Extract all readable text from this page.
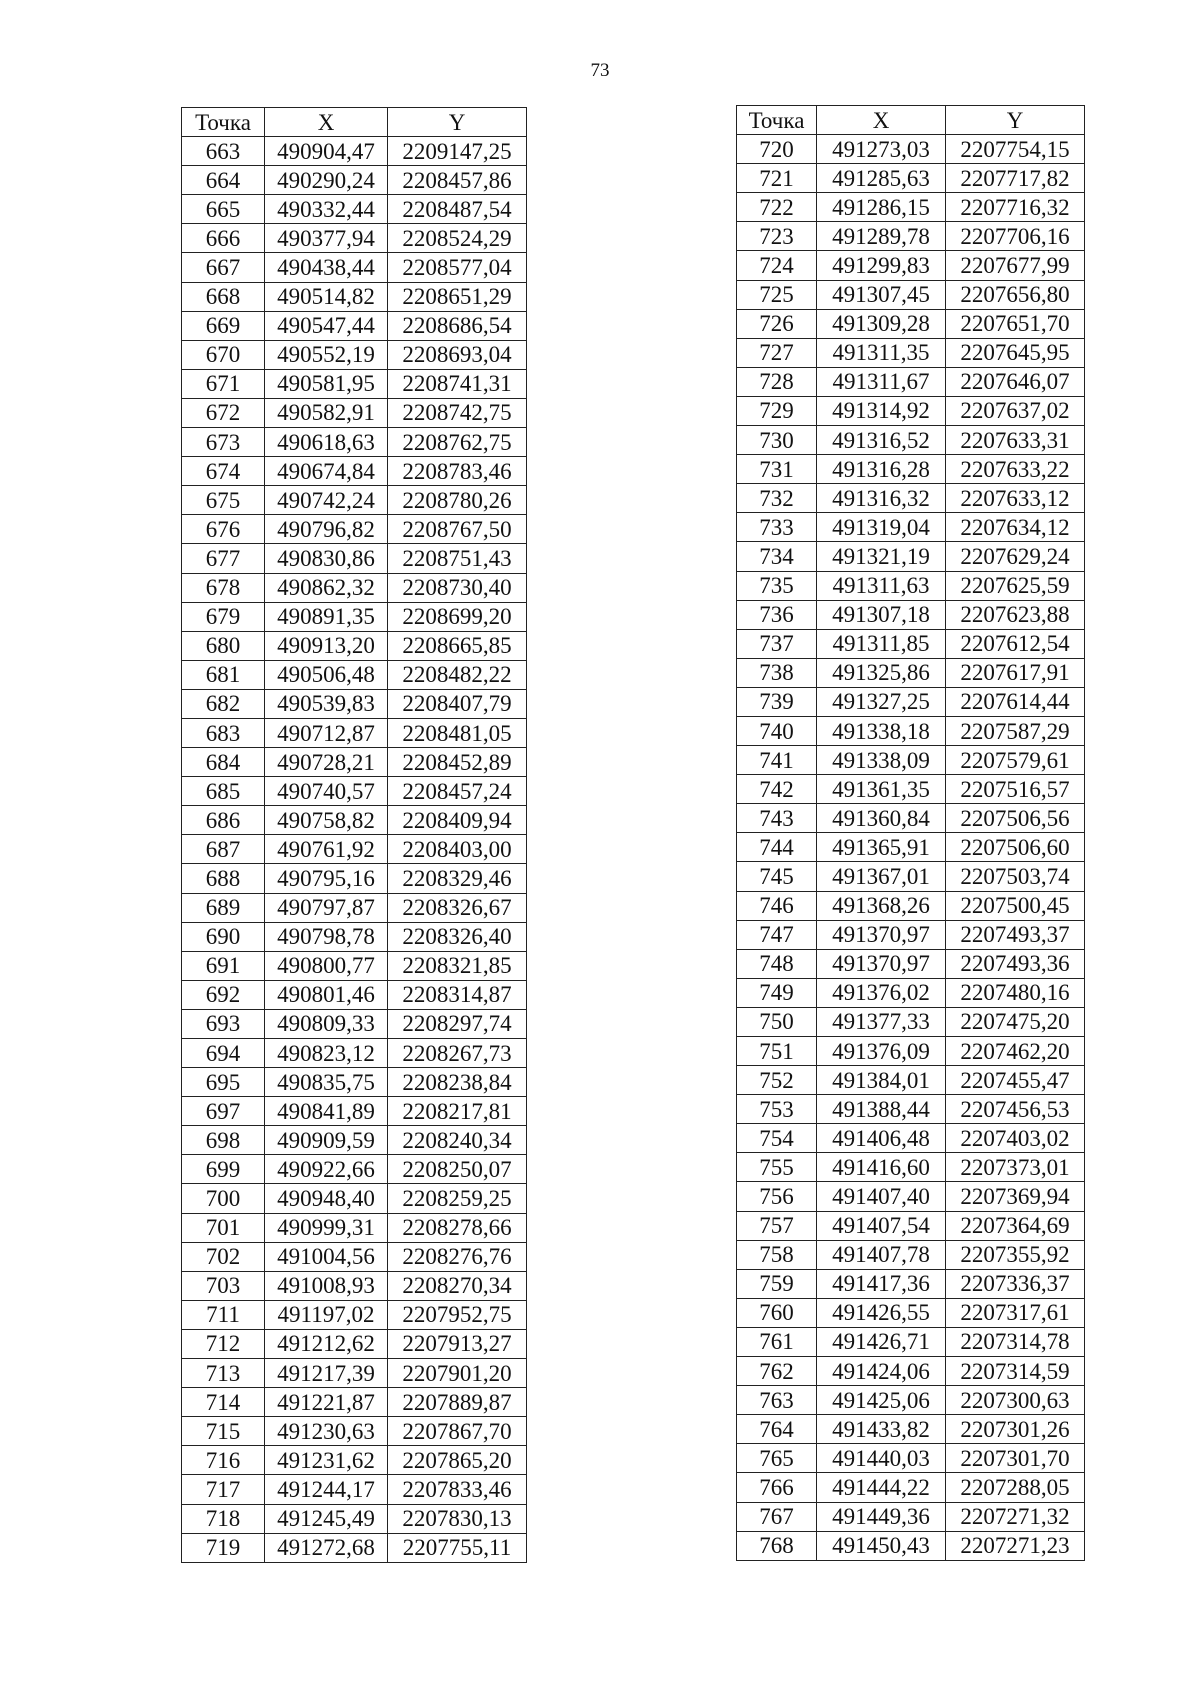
73
Точка	X	Y
663	490904,47	2209147,25
664	490290,24	2208457,86
665	490332,44	2208487,54
666	490377,94	2208524,29
667	490438,44	2208577,04
668	490514,82	2208651,29
669	490547,44	2208686,54
670	490552,19	2208693,04
671	490581,95	2208741,31
672	490582,91	2208742,75
673	490618,63	2208762,75
674	490674,84	2208783,46
675	490742,24	2208780,26
676	490796,82	2208767,50
677	490830,86	2208751,43
678	490862,32	2208730,40
679	490891,35	2208699,20
680	490913,20	2208665,85
681	490506,48	2208482,22
682	490539,83	2208407,79
683	490712,87	2208481,05
684	490728,21	2208452,89
685	490740,57	2208457,24
686	490758,82	2208409,94
687	490761,92	2208403,00
688	490795,16	2208329,46
689	490797,87	2208326,67
690	490798,78	2208326,40
691	490800,77	2208321,85
692	490801,46	2208314,87
693	490809,33	2208297,74
694	490823,12	2208267,73
695	490835,75	2208238,84
697	490841,89	2208217,81
698	490909,59	2208240,34
699	490922,66	2208250,07
700	490948,40	2208259,25
701	490999,31	2208278,66
702	491004,56	2208276,76
703	491008,93	2208270,34
711	491197,02	2207952,75
712	491212,62	2207913,27
713	491217,39	2207901,20
714	491221,87	2207889,87
715	491230,63	2207867,70
716	491231,62	2207865,20
717	491244,17	2207833,46
718	491245,49	2207830,13
719	491272,68	2207755,11
Точка	X	Y
720	491273,03	2207754,15
721	491285,63	2207717,82
722	491286,15	2207716,32
723	491289,78	2207706,16
724	491299,83	2207677,99
725	491307,45	2207656,80
726	491309,28	2207651,70
727	491311,35	2207645,95
728	491311,67	2207646,07
729	491314,92	2207637,02
730	491316,52	2207633,31
731	491316,28	2207633,22
732	491316,32	2207633,12
733	491319,04	2207634,12
734	491321,19	2207629,24
735	491311,63	2207625,59
736	491307,18	2207623,88
737	491311,85	2207612,54
738	491325,86	2207617,91
739	491327,25	2207614,44
740	491338,18	2207587,29
741	491338,09	2207579,61
742	491361,35	2207516,57
743	491360,84	2207506,56
744	491365,91	2207506,60
745	491367,01	2207503,74
746	491368,26	2207500,45
747	491370,97	2207493,37
748	491370,97	2207493,36
749	491376,02	2207480,16
750	491377,33	2207475,20
751	491376,09	2207462,20
752	491384,01	2207455,47
753	491388,44	2207456,53
754	491406,48	2207403,02
755	491416,60	2207373,01
756	491407,40	2207369,94
757	491407,54	2207364,69
758	491407,78	2207355,92
759	491417,36	2207336,37
760	491426,55	2207317,61
761	491426,71	2207314,78
762	491424,06	2207314,59
763	491425,06	2207300,63
764	491433,82	2207301,26
765	491440,03	2207301,70
766	491444,22	2207288,05
767	491449,36	2207271,32
768	491450,43	2207271,23
